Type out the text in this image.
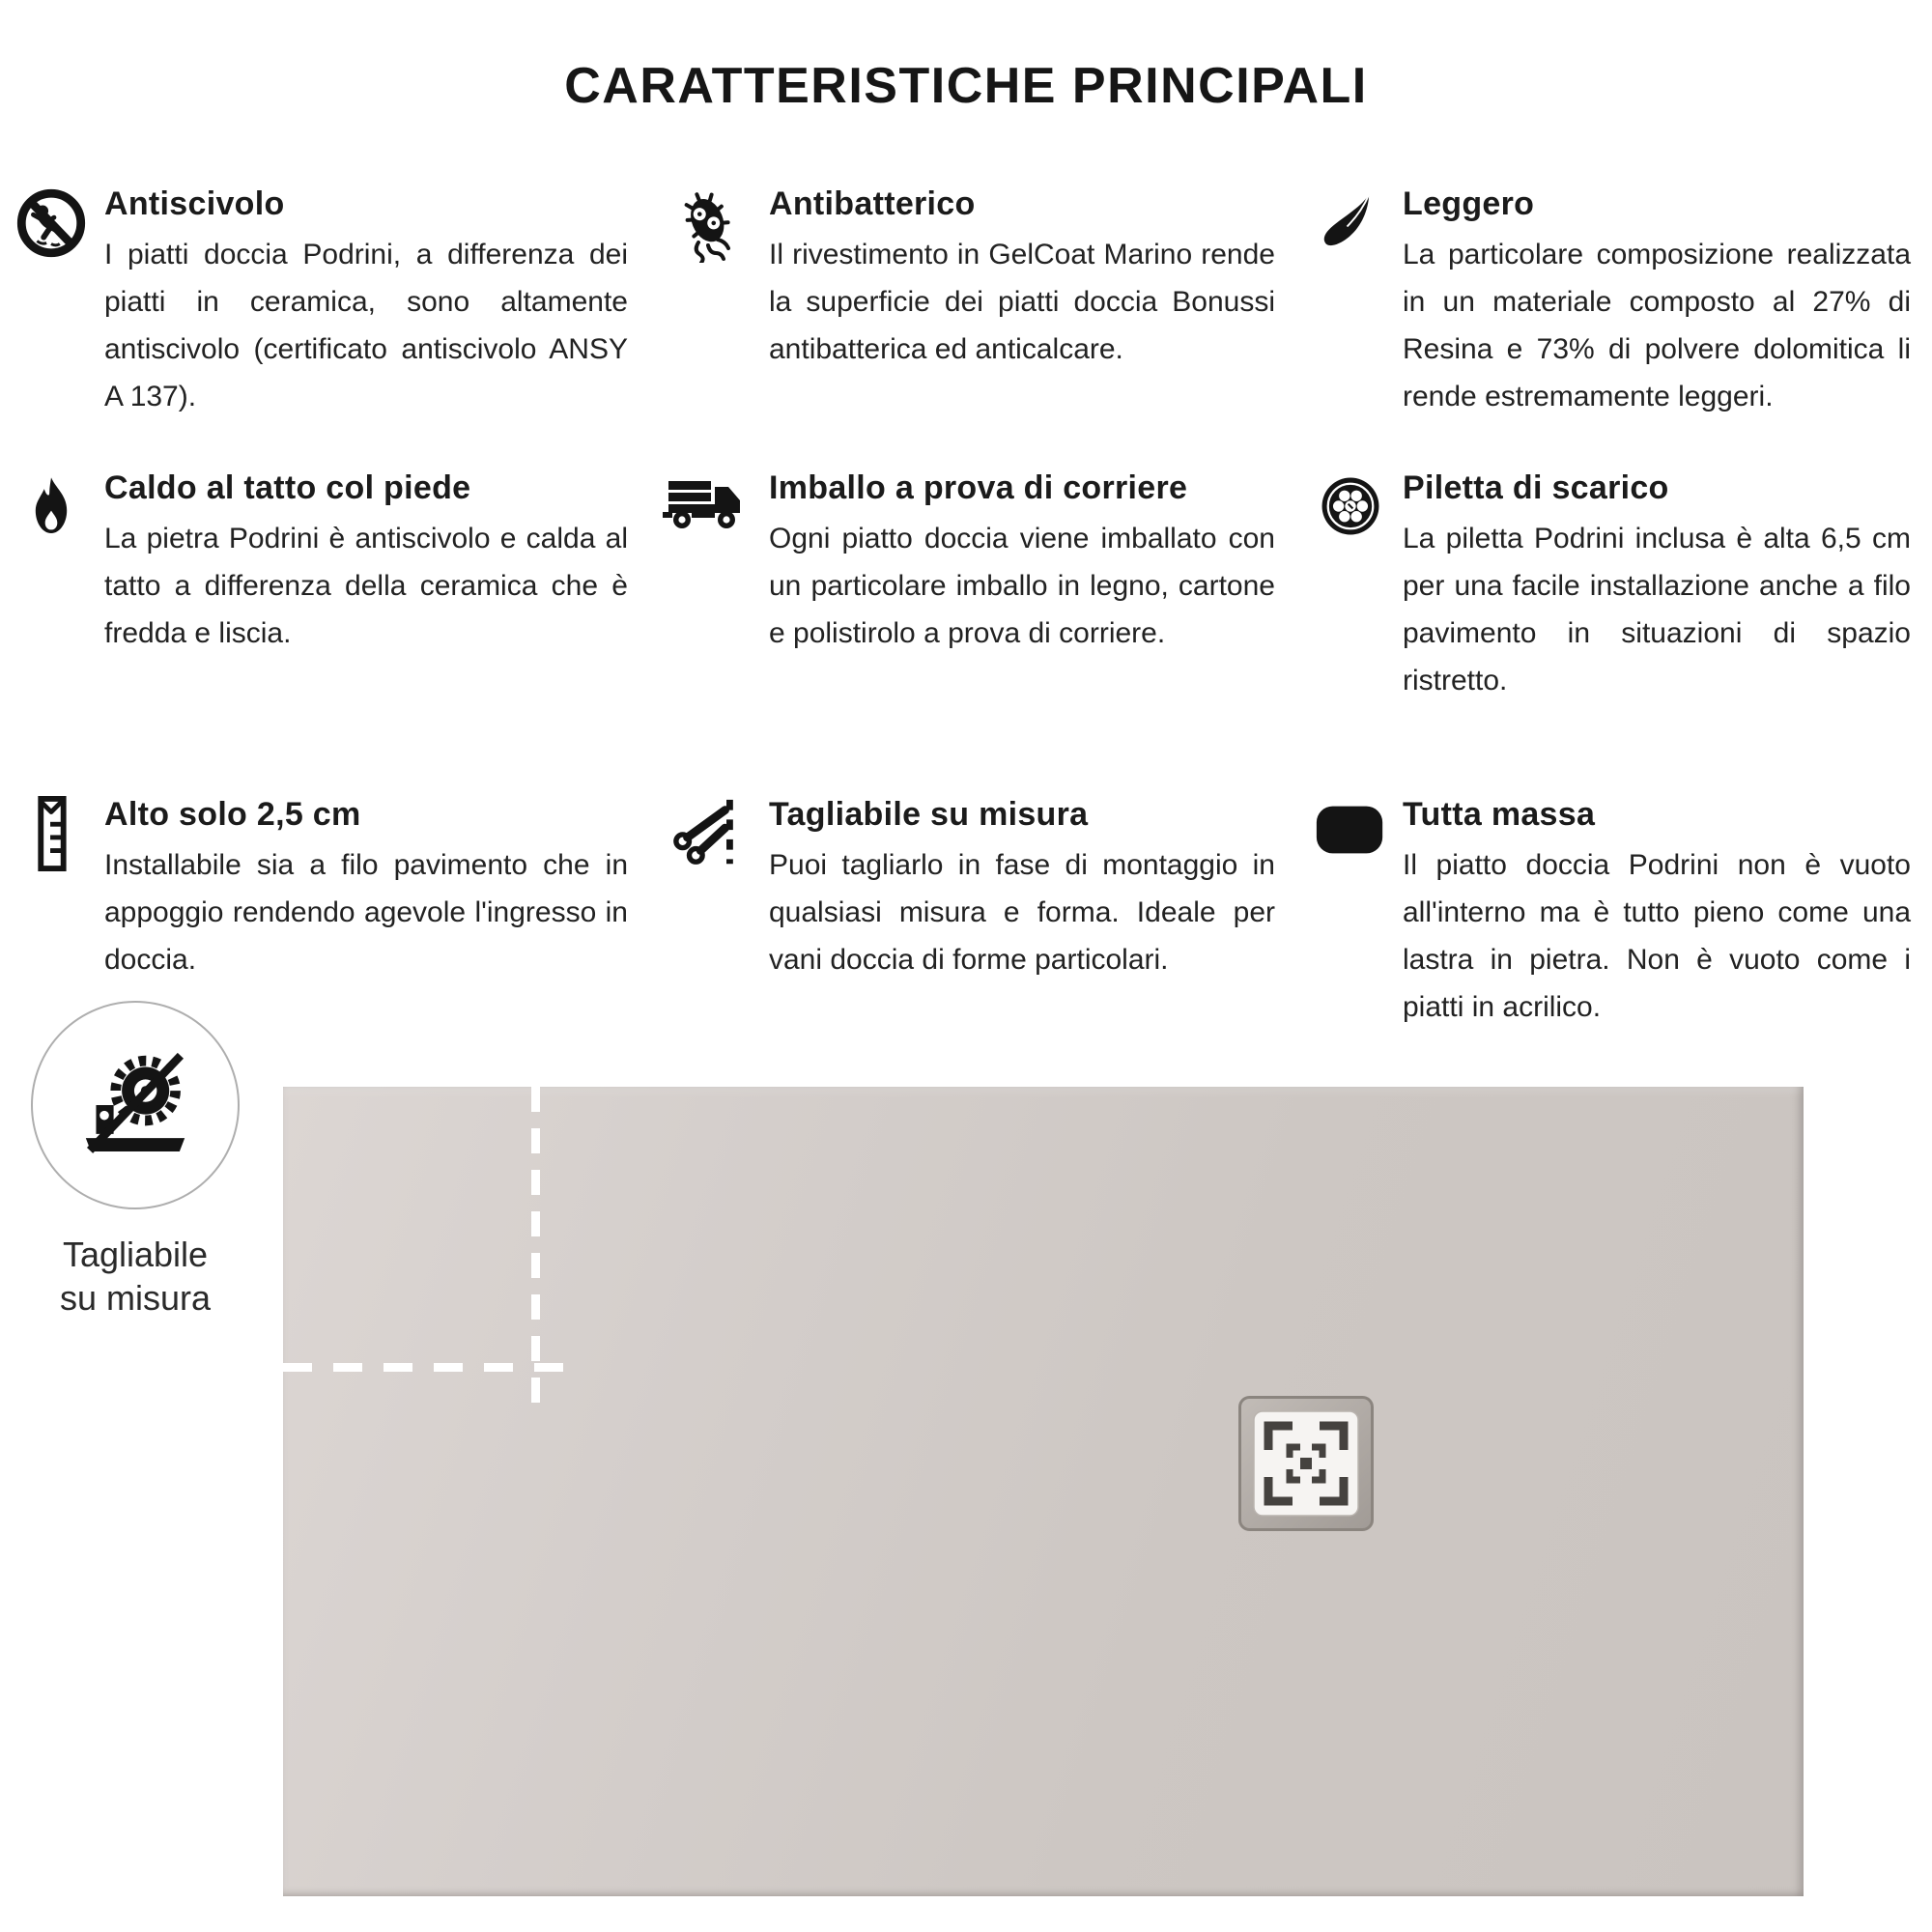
CARATTERISTICHE PRINCIPALI
Antiscivolo

I piatti doccia Podrini, a differenza dei piatti in ceramica, sono altamente antiscivolo (certificato antiscivolo ANSY A 137).

Antibatterico

Il rivestimento in GelCoat Marino rende la superficie dei piatti doccia Bonussi antibatterica ed anticalcare.

Leggero

La particolare composizione realizzata in un materiale composto al 27% di Resina e 73% di polvere dolomitica li rende estremamente leggeri.

Caldo al tatto col piede

La pietra Podrini è antiscivolo e calda al tatto a differenza della ceramica che è fredda e liscia.

Imballo a prova di corriere

Ogni piatto doccia viene imballato con un particolare imballo in legno, cartone e polistirolo a prova di corriere.

Piletta di scarico

La piletta Podrini inclusa è alta 6,5 cm per una facile installazione anche a filo pavimento in situazioni di spazio ristretto.

Alto solo 2,5 cm

Installabile sia a filo pavimento che in appoggio rendendo agevole l'ingresso in doccia.

Tagliabile su misura

Puoi tagliarlo in fase di montaggio in qualsiasi misura e forma. Ideale per vani doccia di forme particolari.

Tutta massa

Il piatto doccia Podrini non è vuoto all'interno ma è tutto pieno come una lastra in pietra. Non è vuoto come i piatti in acrilico.

Tagliabile
su misura
